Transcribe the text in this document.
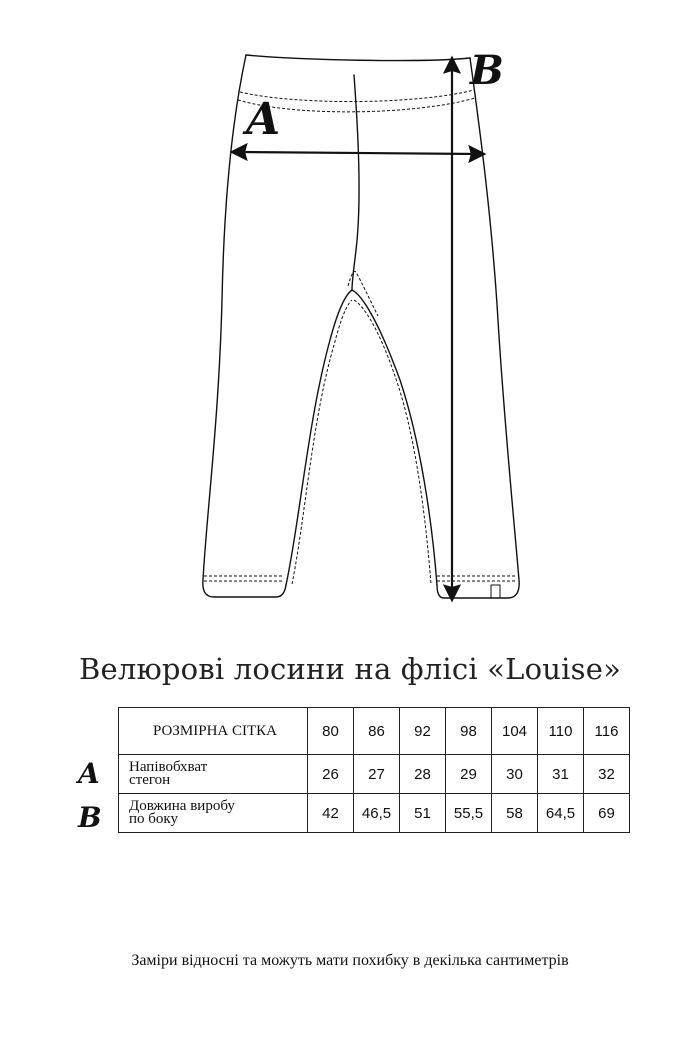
A
B
Велюрові лосини на флісі «Louise»
A
B
РОЗМІРНА СІТКА	80	86	92	98	104	110	116
Напівобхват
стегон	26	27	28	29	30	31	32
Довжина виробу
по боку	42	46,5	51	55,5	58	64,5	69
Заміри відносні та можуть мати похибку в декілька сантиметрів
